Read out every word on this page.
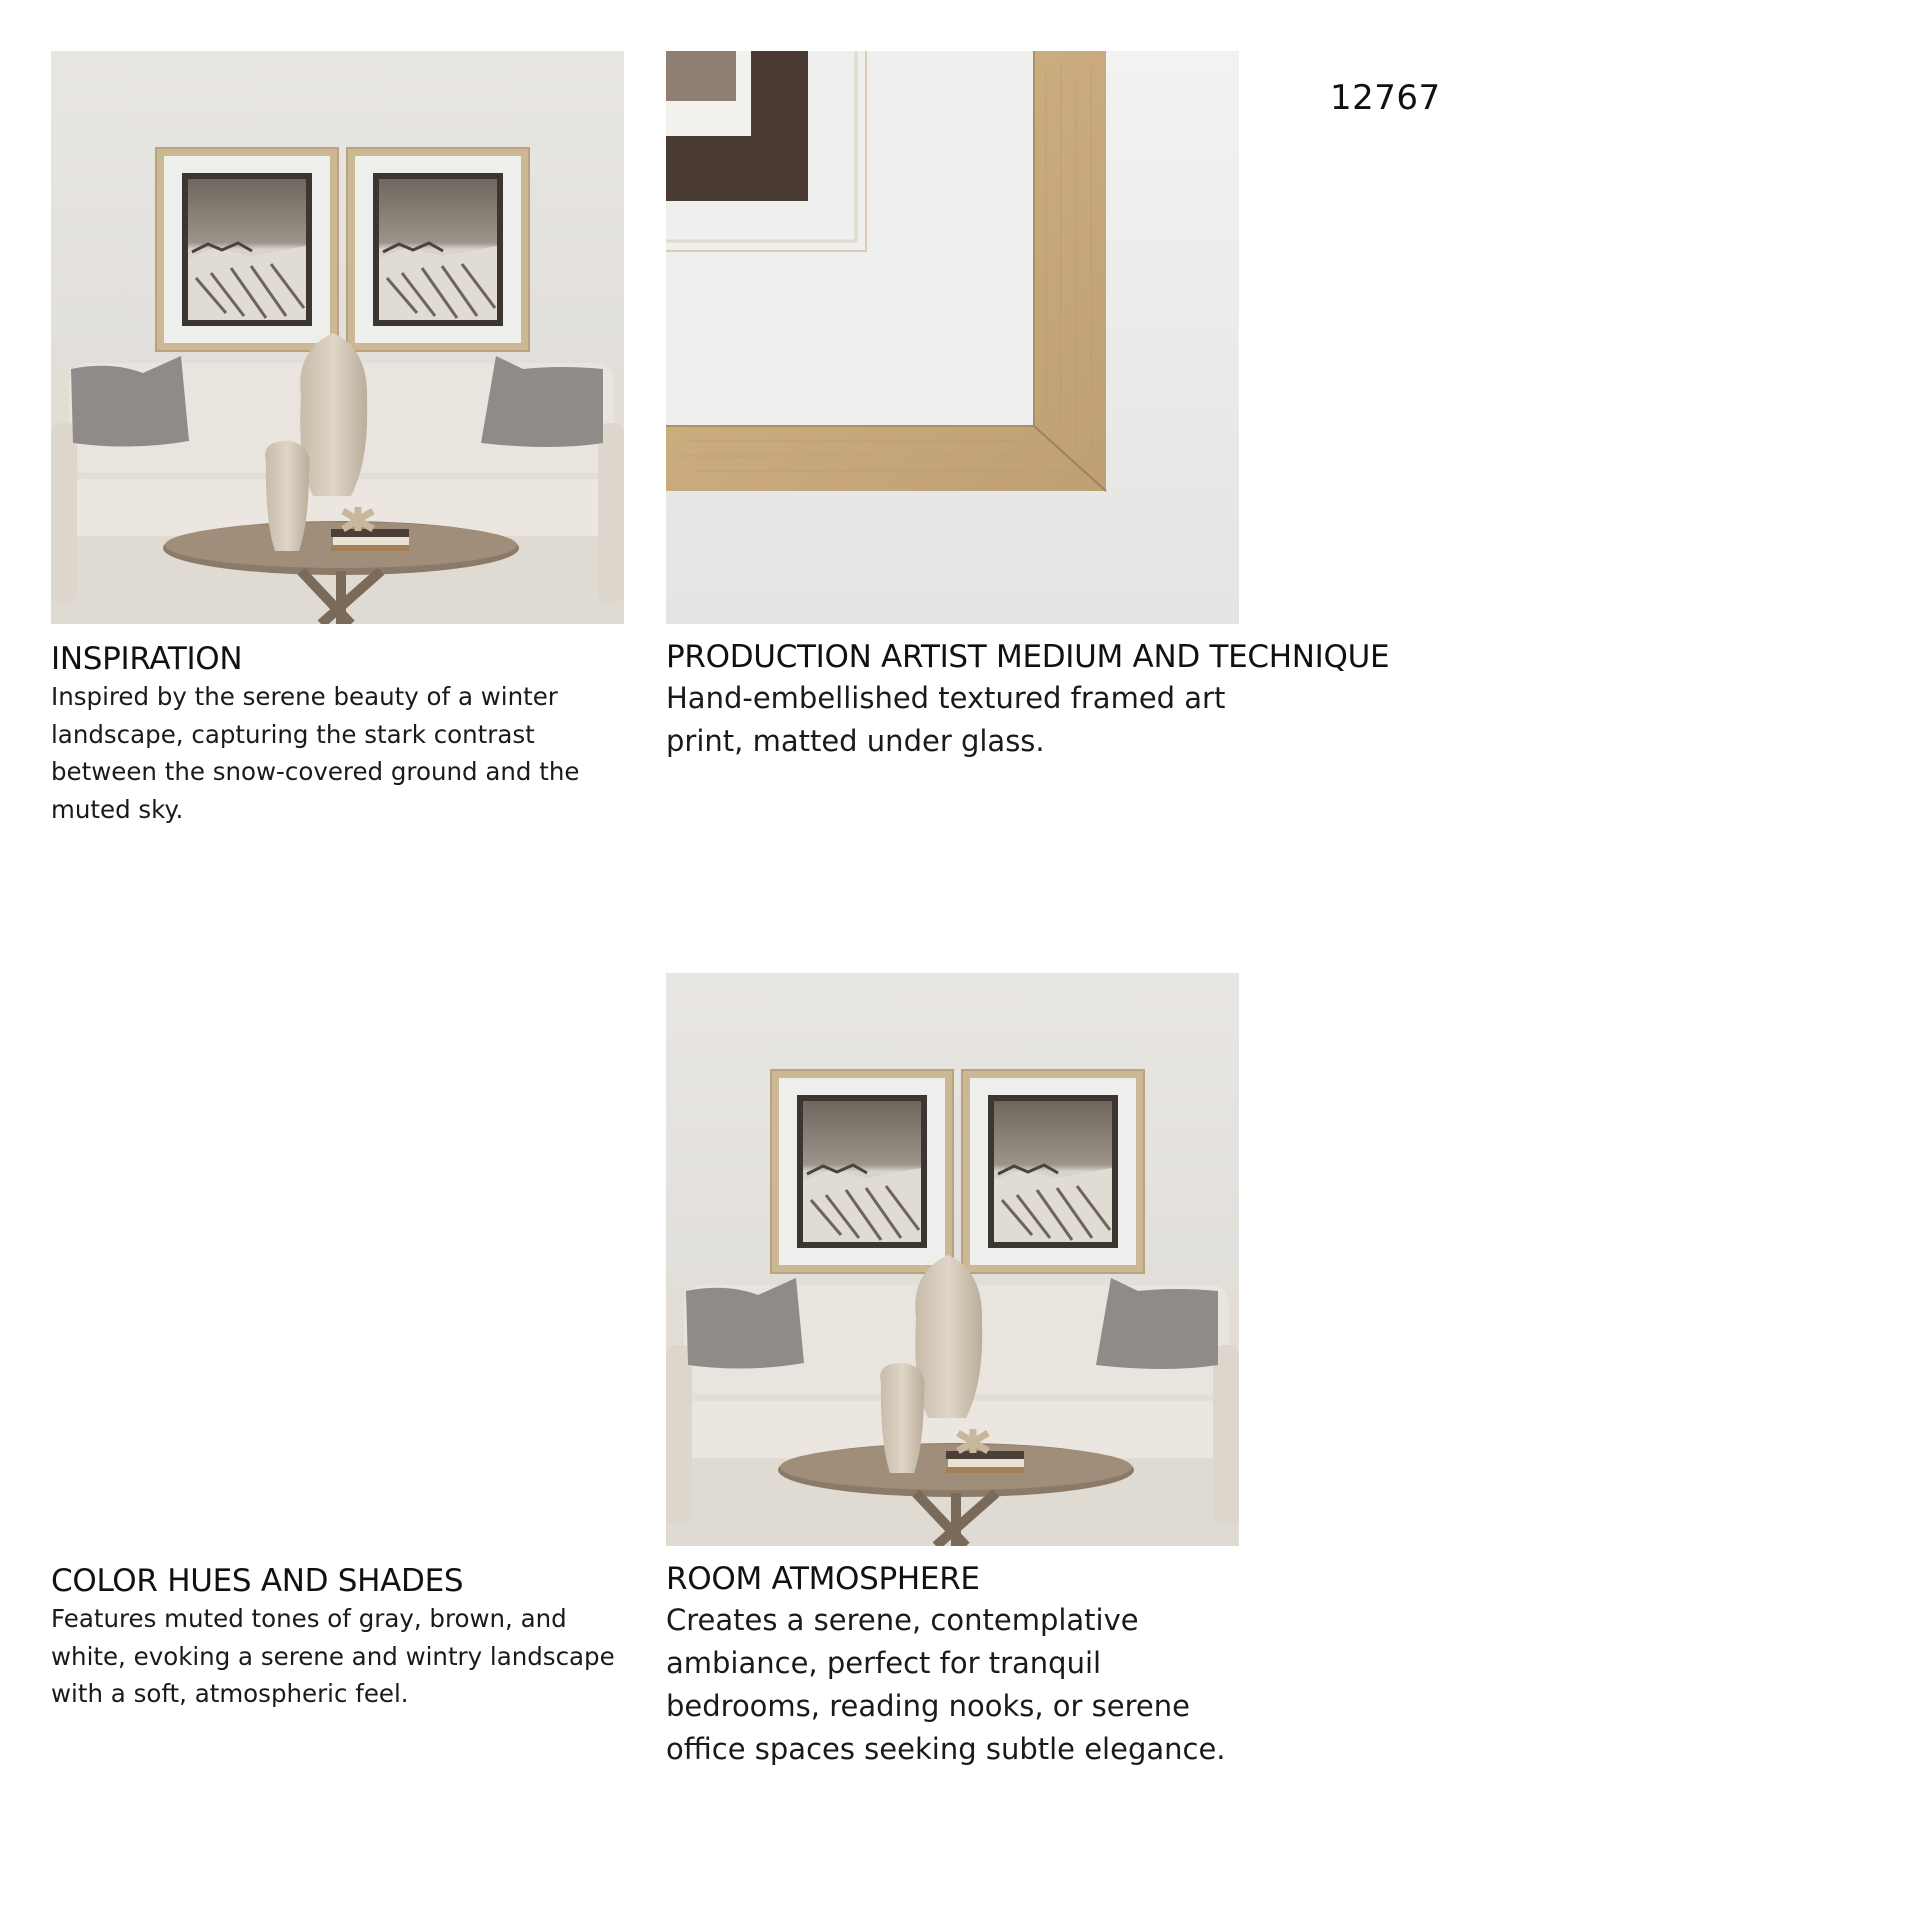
12767
INSPIRATION
Inspired by the serene beauty of a winter landscape, capturing the stark contrast between the snow-covered ground and the muted sky.
PRODUCTION ARTIST MEDIUM AND TECHNIQUE
Hand-embellished textured framed art print, matted under glass.
COLOR HUES AND SHADES
Features muted tones of gray, brown, and white, evoking a serene and wintry landscape with a soft, atmospheric feel.
ROOM ATMOSPHERE
Creates a serene, contemplative ambiance, perfect for tranquil bedrooms, reading nooks, or serene office spaces seeking subtle elegance.
